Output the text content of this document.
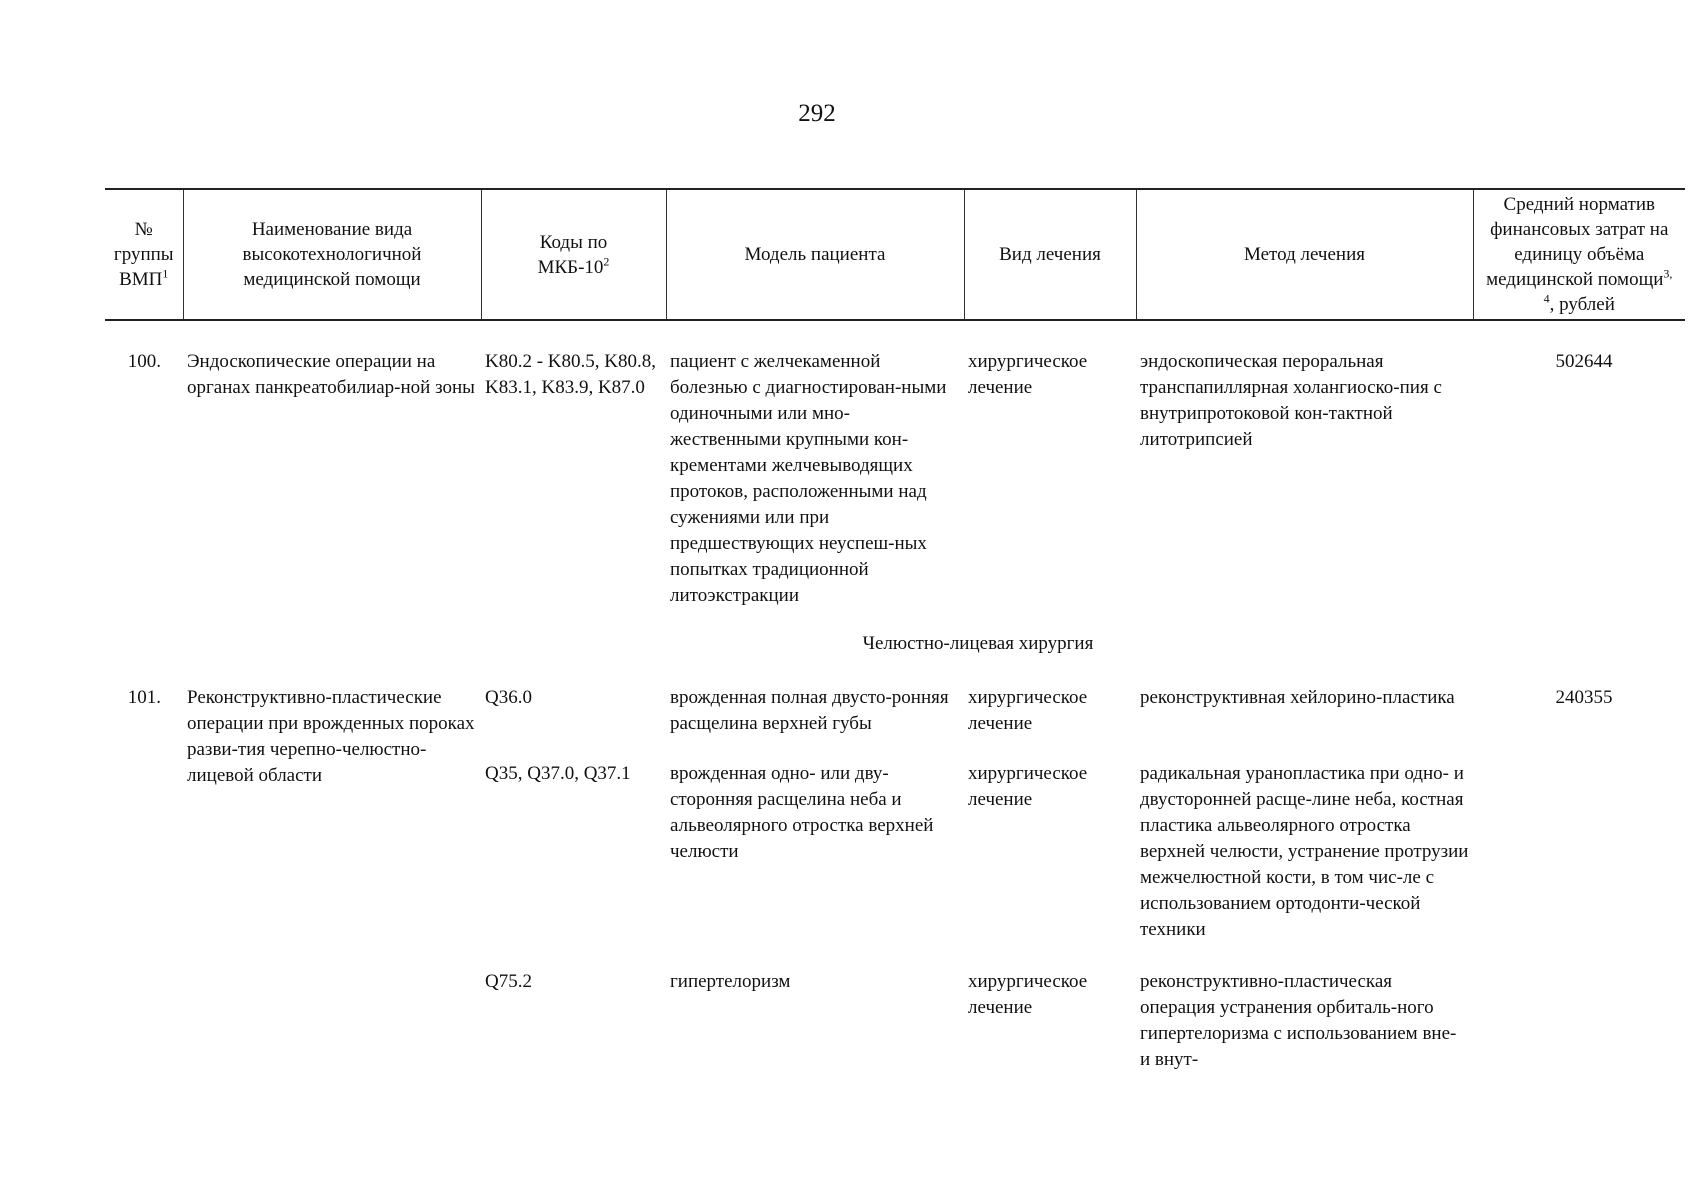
292
№
группы
ВМП$^1$	Наименование вида высокотехнологичной медицинской помощи	Коды по МКБ-$10^2$	Модель пациента	Вид лечения	Метод лечения	Средний норматив финансовых затрат на единицу объёма медицинской помощи$^{3, 4}$, рублей
100.	Эндоскопические операции на органах панкреатобилиар-ной зоны	K80.2 - K80.5, K80.8, K83.1, K83.9, K87.0	пациент с желчекаменной болезнью с диагностирован-ными одиночными или мно-жественными крупными кон-крементами желчевыводящих протоков, расположенными над сужениями или при предшествующих неуспеш-ных попытках традиционной литоэкстракции	хирургическое лечение	эндоскопическая пероральная транспапиллярная холангиоско-пия с внутрипротоковой кон-тактной литотрипсией	502644
Челюстно-лицевая хирургия						
101.	Реконструктивно-пластические операции при врожденных пороках разви-тия черепно-челюстно-лицевой области	Q36.0	врожденная полная двусто-ронняя расщелина верхней губы	хирургическое лечение	реконструктивная хейлорино-пластика	240355
		Q35, Q37.0, Q37.1	врожденная одно- или дву-сторонняя расщелина неба и альвеолярного отростка верхней челюсти	хирургическое лечение	радикальная уранопластика при одно- и двусторонней расще-лине неба, костная пластика альвеолярного отростка верхней челюсти, устранение протрузии межчелюстной кости, в том чис-ле с использованием ортодонти-ческой техники	
		Q75.2	гипертелоризм	хирургическое лечение	реконструктивно-пластическая операция устранения орбиталь-ного гипертелоризма с использованием вне- и внут-	
